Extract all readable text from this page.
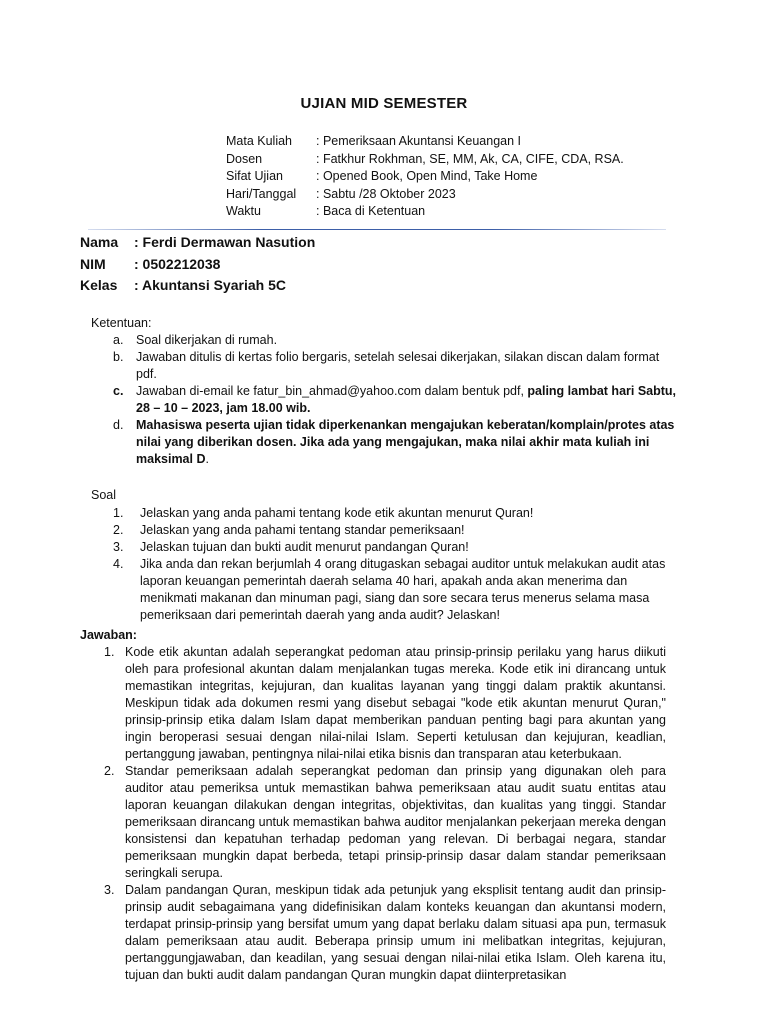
UJIAN MID SEMESTER
Mata Kuliah	: Pemeriksaan Akuntansi Keuangan I
Dosen	: Fatkhur Rokhman, SE, MM, Ak, CA, CIFE, CDA, RSA.
Sifat Ujian	: Opened Book, Open Mind, Take Home
Hari/Tanggal	: Sabtu /28 Oktober 2023
Waktu	: Baca di Ketentuan
Nama	: Ferdi Dermawan Nasution
NIM	: 0502212038
Kelas	: Akuntansi Syariah 5C
Ketentuan:
a. Soal dikerjakan di rumah.
b. Jawaban ditulis di kertas folio bergaris, setelah selesai dikerjakan, silakan discan dalam format pdf.
c. Jawaban di-email ke fatur_bin_ahmad@yahoo.com dalam bentuk pdf, paling lambat hari Sabtu, 28 – 10 – 2023, jam 18.00 wib.
d. Mahasiswa peserta ujian tidak diperkenankan mengajukan keberatan/komplain/protes atas nilai yang diberikan dosen. Jika ada yang mengajukan, maka nilai akhir mata kuliah ini maksimal D.
Soal
1. Jelaskan yang anda pahami tentang kode etik akuntan menurut Quran!
2. Jelaskan yang anda pahami tentang standar pemeriksaan!
3. Jelaskan tujuan dan bukti audit menurut pandangan Quran!
4. Jika anda dan rekan berjumlah 4 orang ditugaskan sebagai auditor untuk melakukan audit atas laporan keuangan pemerintah daerah selama 40 hari, apakah anda akan menerima dan menikmati makanan dan minuman pagi, siang dan sore secara terus menerus selama masa pemeriksaan dari pemerintah daerah yang anda audit? Jelaskan!
Jawaban:
1. Kode etik akuntan adalah seperangkat pedoman atau prinsip-prinsip perilaku yang harus diikuti oleh para profesional akuntan dalam menjalankan tugas mereka. Kode etik ini dirancang untuk memastikan integritas, kejujuran, dan kualitas layanan yang tinggi dalam praktik akuntansi. Meskipun tidak ada dokumen resmi yang disebut sebagai "kode etik akuntan menurut Quran," prinsip-prinsip etika dalam Islam dapat memberikan panduan penting bagi para akuntan yang ingin beroperasi sesuai dengan nilai-nilai Islam. Seperti ketulusan dan kejujuran, keadlian, pertanggung jawaban, pentingnya nilai-nilai etika bisnis dan transparan atau keterbukaan.
2. Standar pemeriksaan adalah seperangkat pedoman dan prinsip yang digunakan oleh para auditor atau pemeriksa untuk memastikan bahwa pemeriksaan atau audit suatu entitas atau laporan keuangan dilakukan dengan integritas, objektivitas, dan kualitas yang tinggi. Standar pemeriksaan dirancang untuk memastikan bahwa auditor menjalankan pekerjaan mereka dengan konsistensi dan kepatuhan terhadap pedoman yang relevan. Di berbagai negara, standar pemeriksaan mungkin dapat berbeda, tetapi prinsip-prinsip dasar dalam standar pemeriksaan seringkali serupa.
3. Dalam pandangan Quran, meskipun tidak ada petunjuk yang eksplisit tentang audit dan prinsip-prinsip audit sebagaimana yang didefinisikan dalam konteks keuangan dan akuntansi modern, terdapat prinsip-prinsip yang bersifat umum yang dapat berlaku dalam situasi apa pun, termasuk dalam pemeriksaan atau audit. Beberapa prinsip umum ini melibatkan integritas, kejujuran, pertanggungjawaban, dan keadilan, yang sesuai dengan nilai-nilai etika Islam. Oleh karena itu, tujuan dan bukti audit dalam pandangan Quran mungkin dapat diinterpretasikan
